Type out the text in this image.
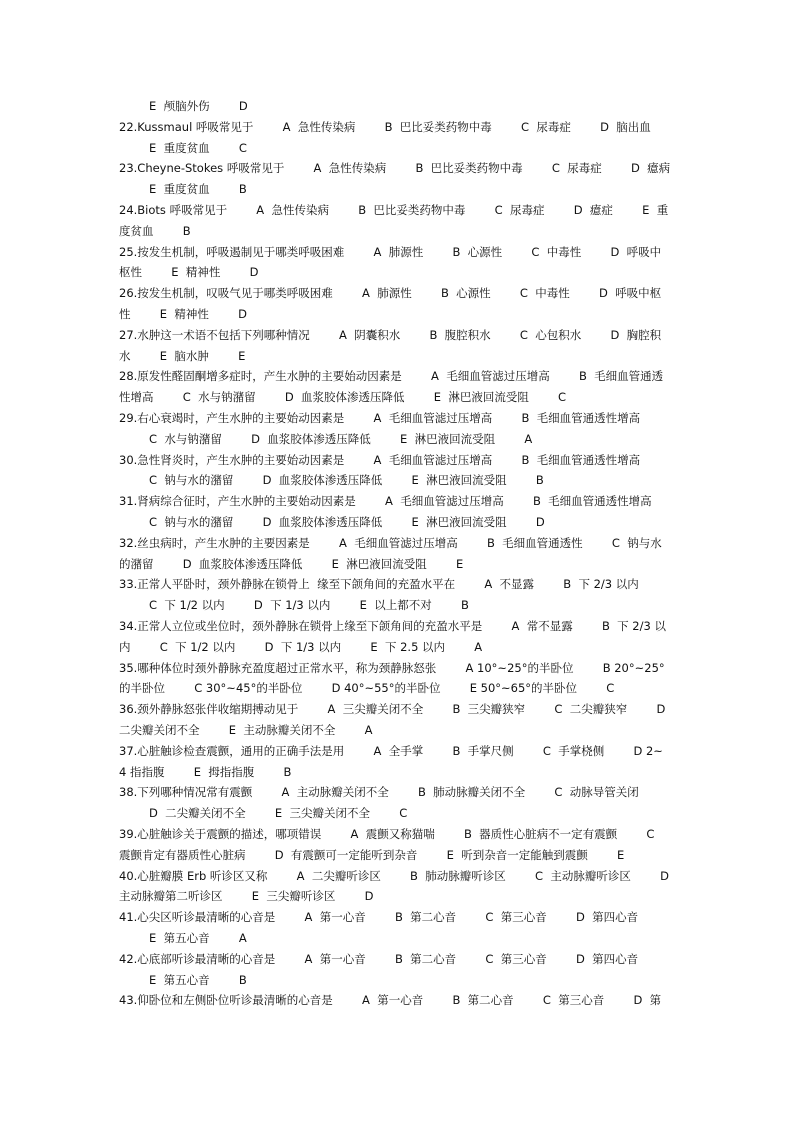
E  颅脑外伤        D
22.Kussmaul 呼吸常见于        A  急性传染病        B  巴比妥类药物中毒        C  尿毒症        D  脑出血
E  重度贫血        C
23.Cheyne-Stokes 呼吸常见于        A  急性传染病        B  巴比妥类药物中毒        C  尿毒症        D  癔病
E  重度贫血        B
24.Biots 呼吸常见于        A  急性传染病        B  巴比妥类药物中毒        C  尿毒症        D  癔症        E  重
度贫血        B
25.按发生机制，呼吸遏制见于哪类呼吸困难        A  肺源性        B  心源性        C  中毒性        D  呼吸中
枢性        E  精神性        D
26.按发生机制，叹吸气见于哪类呼吸困难        A  肺源性        B  心源性        C  中毒性        D  呼吸中枢
性        E  精神性        D
27.水肿这一术语不包括下列哪种情况        A  阴囊积水        B  腹腔积水        C  心包积水        D  胸腔积
水        E  脑水肿        E
28.原发性醛固酮增多症时，产生水肿的主要始动因素是        A  毛细血管滤过压增高        B  毛细血管通透
性增高        C  水与钠潴留        D  血浆胶体渗透压降低        E  淋巴液回流受阻        C
29.右心衰竭时，产生水肿的主要始动因素是        A  毛细血管滤过压增高        B  毛细血管通透性增高
C  水与钠潴留        D  血浆胶体渗透压降低        E  淋巴液回流受阻        A
30.急性肾炎时，产生水肿的主要始动因素是        A  毛细血管滤过压增高        B  毛细血管通透性增高
C  钠与水的潴留        D  血浆胶体渗透压降低        E  淋巴液回流受阻        B
31.肾病综合征时，产生水肿的主要始动因素是        A  毛细血管滤过压增高        B  毛细血管通透性增高
C  钠与水的潴留        D  血浆胶体渗透压降低        E  淋巴液回流受阻        D
32.丝虫病时，产生水肿的主要因素是        A  毛细血管滤过压增高        B  毛细血管通透性        C  钠与水
的潴留        D  血浆胶体渗透压降低        E  淋巴液回流受阻        E
33.正常人平卧时，颈外静脉在锁骨上  缘至下颌角间的充盈水平在        A  不显露        B  下 2/3 以内
C  下 1/2 以内        D  下 1/3 以内        E  以上都不对        B
34.正常人立位或坐位时，颈外静脉在锁骨上缘至下颌角间的充盈水平是        A  常不显露        B  下 2/3 以
内        C  下 1/2 以内        D  下 1/3 以内        E  下 2.5 以内        A
35.哪种体位时颈外静脉充盈度超过正常水平，称为颈静脉怒张        A 10°~25°的半卧位        B 20°~25°
的半卧位        C 30°~45°的半卧位        D 40°~55°的半卧位        E 50°~65°的半卧位        C
36.颈外静脉怒张伴收缩期搏动见于        A  三尖瓣关闭不全        B  三尖瓣狭窄        C  二尖瓣狭窄        D
二尖瓣关闭不全        E  主动脉瓣关闭不全        A
37.心脏触诊检查震颤，通用的正确手法是用        A  全手掌        B  手掌尺侧        C  手掌桡侧        D 2~
4 指指腹        E  拇指指腹        B
38.下列哪种情况常有震颤        A  主动脉瓣关闭不全        B  肺动脉瓣关闭不全        C  动脉导管关闭
D  二尖瓣关闭不全        E  三尖瓣关闭不全        C
39.心脏触诊关于震颤的描述，哪项错误        A  震颤又称猫喘        B  器质性心脏病不一定有震颤        C
震颤肯定有器质性心脏病        D  有震颤可一定能听到杂音        E  听到杂音一定能触到震颤        E
40.心脏瓣膜 Erb 听诊区又称        A  二尖瓣听诊区        B  肺动脉瓣听诊区        C  主动脉瓣听诊区        D
主动脉瓣第二听诊区        E  三尖瓣听诊区        D
41.心尖区听诊最清晰的心音是        A  第一心音        B  第二心音        C  第三心音        D  第四心音
E  第五心音        A
42.心底部听诊最清晰的心音是        A  第一心音        B  第二心音        C  第三心音        D  第四心音
E  第五心音        B
43.仰卧位和左侧卧位听诊最清晰的心音是        A  第一心音        B  第二心音        C  第三心音        D  第
